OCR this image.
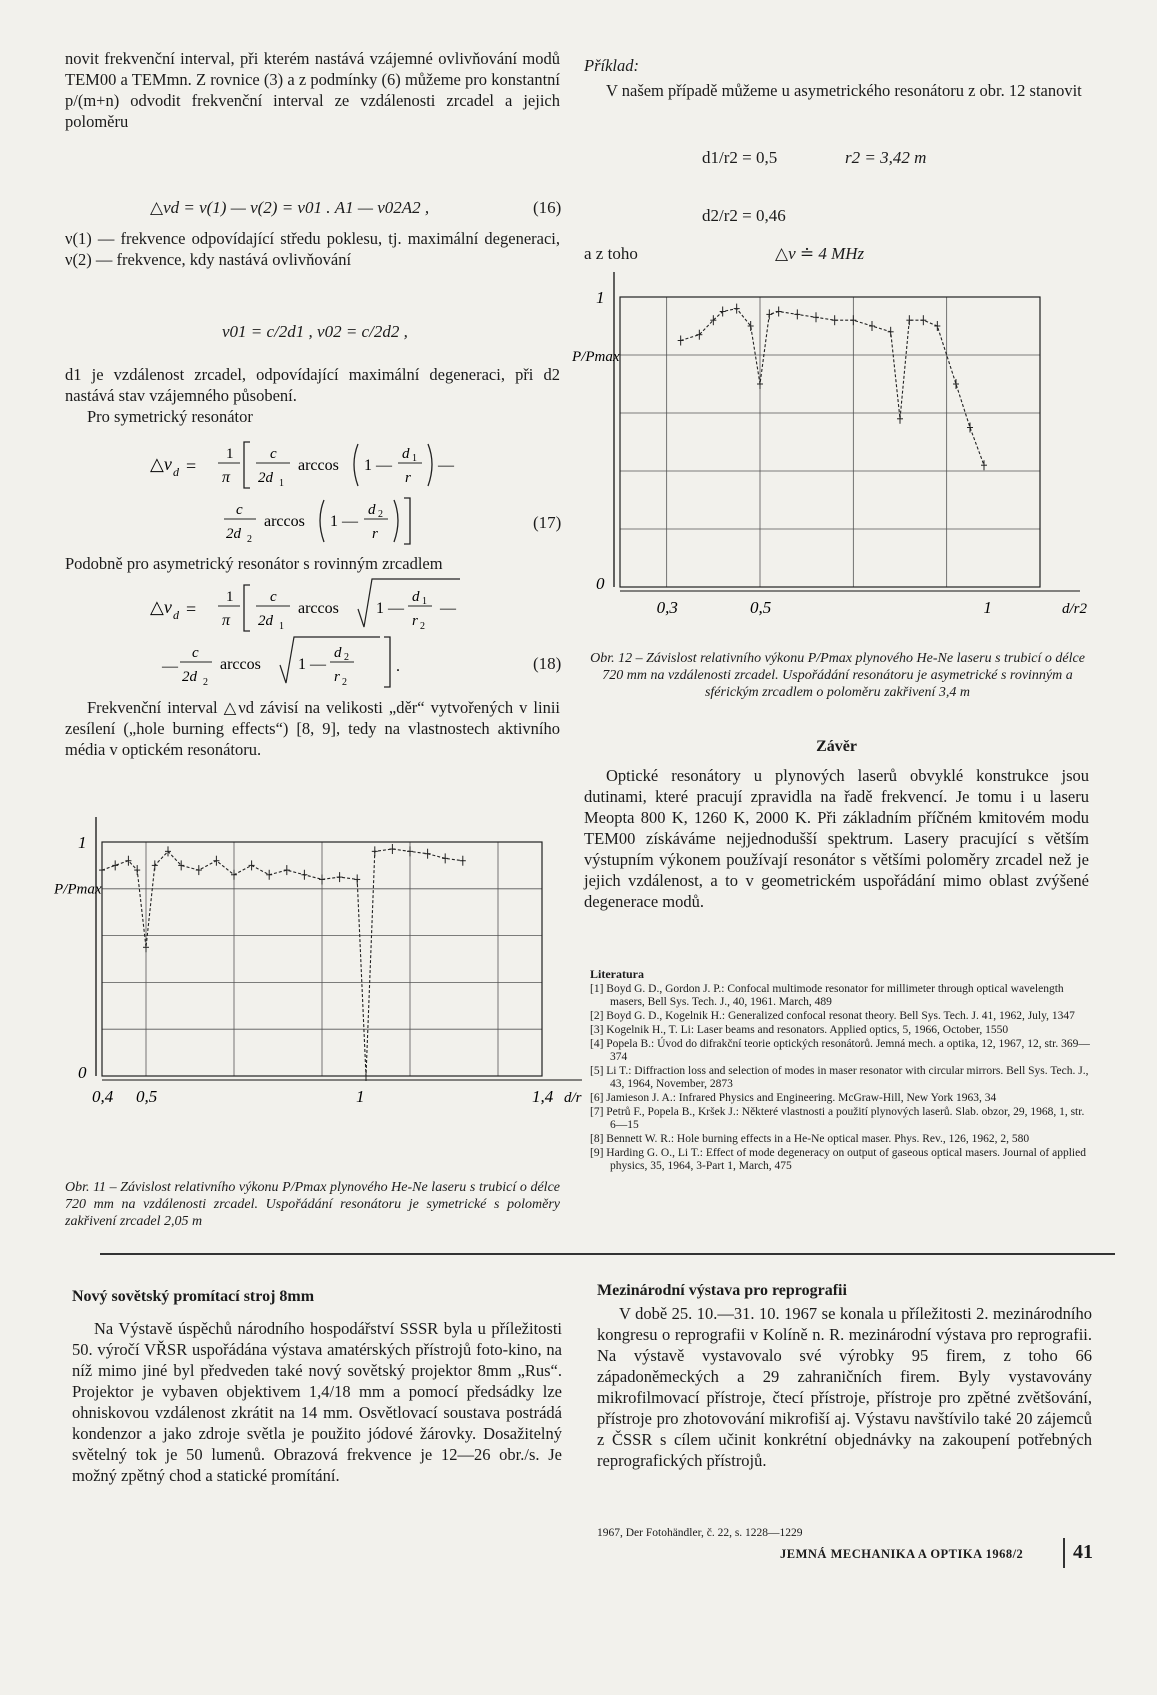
novit frekvenční interval, při kterém nastává vzájemné ovlivňování modů TEM00 a TEMmn. Z rovnice (3) a z podmínky (6) můžeme pro konstantní p/(m+n) odvodit frekvenční interval ze vzdálenosti zrcadel a jejich poloměru

△νd = ν(1) — ν(2) = ν01 . A1 — ν02A2 ,	(16)

ν(1) — frekvence odpovídající středu poklesu, tj. maximální degeneraci, ν(2) — frekvence, kdy nastává ovlivňování

ν01 = c/2d1 , ν02 = c/2d2 ,

d1 je vzdálenost zrcadel, odpovídající maximální degeneraci, při d2 nastává stav vzájemného působení.

Pro symetrický resonátor

△ν d =
1
π
c
2d 1
arccos 1 —
d 1
r
—
c
2d 2
arccos 1 —
d 2
r
(17)

Podobně pro asymetrický resonátor s rovinným zrcadlem

△ν d =
1
π
c
2d 1
arccos 1 —
d 1
r 2
—
—
c
2d 2
arccos 1 —
d 2
r 2
.	(18)

Frekvenční interval △νd závisí na velikosti „děr“ vytvořených v linii zesílení („hole burning effects“) [8, 9], tedy na vlastnostech aktivního média v optickém resonátoru.

1
0
0,4 0,5	1	1,4
P/Pmax
d/r
Obr. 11 – Závislost relativního výkonu P/Pmax plynového He-Ne laseru s trubicí o délce 720 mm na vzdálenosti zrcadel. Uspořádání resonátoru je symetrické s poloměry zakřivení zrcadel 2,05 m

Příklad:

V našem případě můžeme u asymetrického resonátoru z obr. 12 stanovit

d1/r2 = 0,5	r2 = 3,42 m
d2/r2 = 0,46
a z toho	△ν ≐ 4 MHz
1
0
0,3	0,5	1
P/Pmax
d/r2
Obr. 12 – Závislost relativního výkonu P/Pmax plynového He-Ne laseru s trubicí o délce 720 mm na vzdálenosti zrcadel. Uspořádání resonátoru je asymetrické s rovinným a sférickým zrcadlem o poloměru zakřivení 3,4 m
Závěr

Optické resonátory u plynových laserů obvyklé konstrukce jsou dutinami, které pracují zpravidla na řadě frekvencí. Je tomu i u laseru Meopta 800 K, 1260 K, 2000 K. Při základním příčném kmitovém modu TEM00 získáváme nejjednodušší spektrum. Lasery pracující s větším výstupním výkonem používají resonátor s většími poloměry zrcadel než je jejich vzdálenost, a to v geometrickém uspořádání mimo oblast zvýšené degenerace modů.

Literatura
[1] Boyd G. D., Gordon J. P.: Confocal multimode resonator for millimeter through optical wavelength masers, Bell Sys. Tech. J., 40, 1961. March, 489
[2] Boyd G. D., Kogelnik H.: Generalized confocal resonat theory. Bell Sys. Tech. J. 41, 1962, July, 1347
[3] Kogelnik H., T. Li: Laser beams and resonators. Applied optics, 5, 1966, October, 1550
[4] Popela B.: Úvod do difrakční teorie optických resonátorů. Jemná mech. a optika, 12, 1967, 12, str. 369—374
[5] Li T.: Diffraction loss and selection of modes in maser resonator with circular mirrors. Bell Sys. Tech. J., 43, 1964, November, 2873
[6] Jamieson J. A.: Infrared Physics and Engineering. McGraw-Hill, New York 1963, 34
[7] Petrů F., Popela B., Kršek J.: Některé vlastnosti a použití plynových laserů. Slab. obzor, 29, 1968, 1, str. 6—15
[8] Bennett W. R.: Hole burning effects in a He-Ne optical maser. Phys. Rev., 126, 1962, 2, 580
[9] Harding G. O., Li T.: Effect of mode degeneracy on output of gaseous optical masers. Journal of applied physics, 35, 1964, 3-Part 1, March, 475
Nový sovětský promítací stroj 8mm

Na Výstavě úspěchů národního hospodářství SSSR byla u příležitosti 50. výročí VŘSR uspořádána výstava amatérských přístrojů foto-kino, na níž mimo jiné byl předveden také nový sovětský projektor 8mm „Rus“. Projektor je vybaven objektivem 1,4/18 mm a pomocí předsádky lze ohniskovou vzdálenost zkrátit na 14 mm. Osvětlovací soustava postrádá kondenzor a jako zdroje světla je použito jódové žárovky. Dosažitelný světelný tok je 50 lumenů. Obrazová frekvence je 12—26 obr./s. Je možný zpětný chod a statické promítání.

Mezinárodní výstava pro reprografii

V době 25. 10.—31. 10. 1967 se konala u příležitosti 2. mezinárodního kongresu o reprografii v Kolíně n. R. mezinárodní výstava pro reprografii. Na výstavě vystavovalo své výrobky 95 firem, z toho 66 západoněmeckých a 29 zahraničních firem. Byly vystavovány mikrofilmovací přístroje, čtecí přístroje, přístroje pro zpětné zvětšování, přístroje pro zhotovování mikrofiší aj. Výstavu navštívilo také 20 zájemců z ČSSR s cílem učinit konkrétní objednávky na zakoupení potřebných reprografických přístrojů.

1967, Der Fotohändler, č. 22, s. 1228—1229
JEMNÁ MECHANIKA A OPTIKA 1968/2 41
